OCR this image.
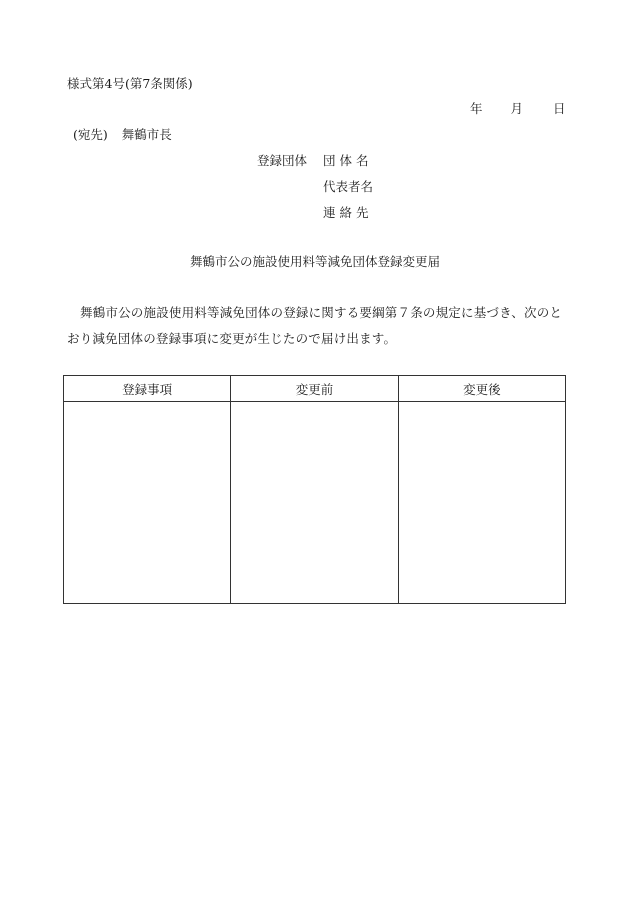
様式第4号(第7条関係)
年 月 日
(宛先) 舞鶴市長
登録団体 団 体 名
代表者名
連 絡 先
舞鶴市公の施設使用料等減免団体登録変更届
舞鶴市公の施設使用料等減免団体の登録に関する要綱第７条の規定に基づき、次のとおり減免団体の登録事項に変更が生じたので届け出ます。
登録事項	変更前	変更後
